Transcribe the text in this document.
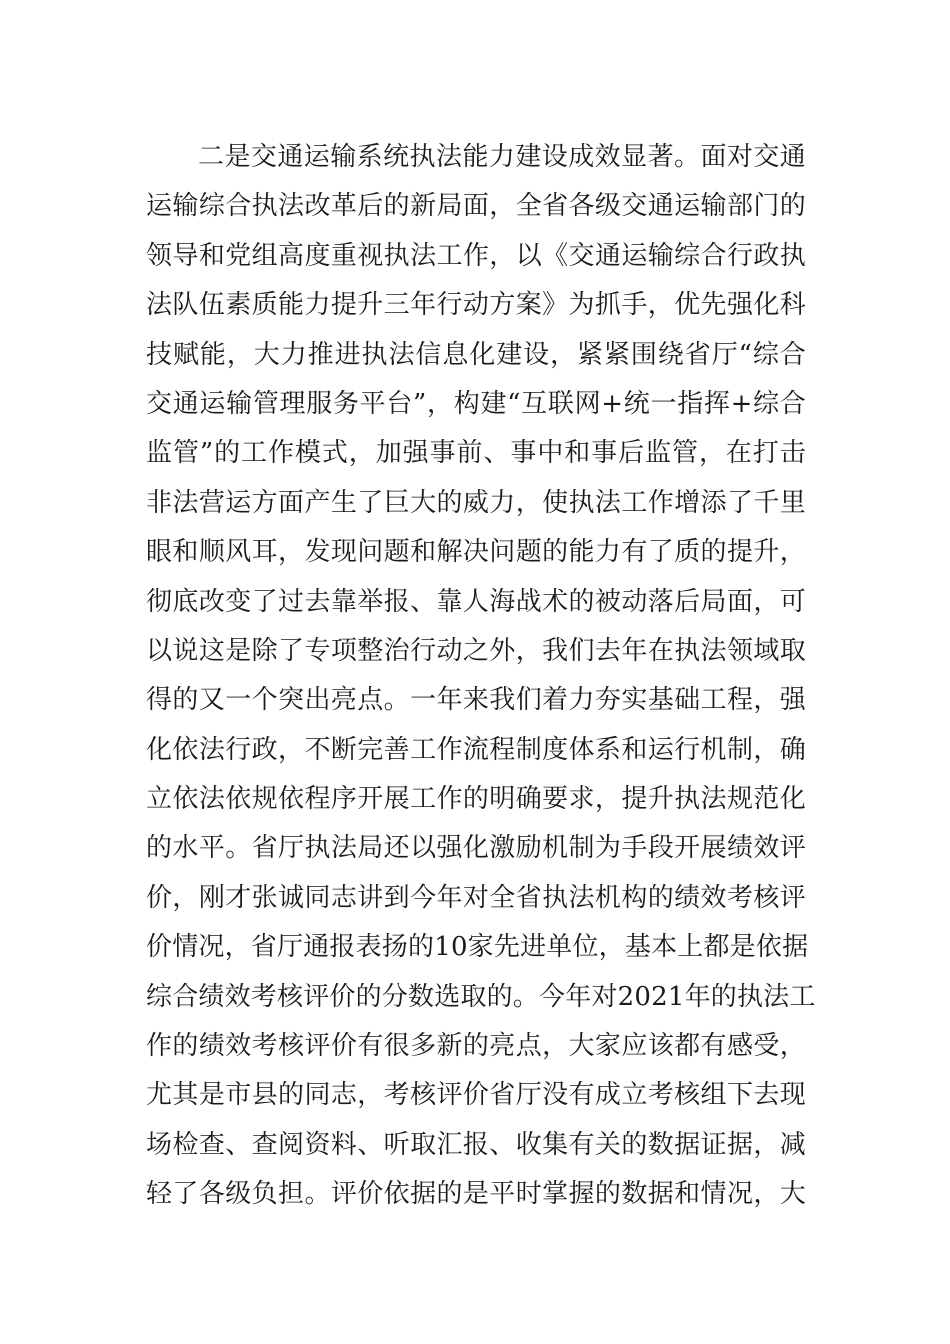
二是交通运输系统执法能力建设成效显著。面对交通
运输综合执法改革后的新局面，全省各级交通运输部门的
领导和党组高度重视执法工作，以《交通运输综合行政执
法队伍素质能力提升三年行动方案》为抓手，优先强化科
技赋能，大力推进执法信息化建设，紧紧围绕省厅“综合
交通运输管理服务平台”，构建“互联网+统一指挥+综合
监管”的工作模式，加强事前、事中和事后监管，在打击
非法营运方面产生了巨大的威力，使执法工作增添了千里
眼和顺风耳，发现问题和解决问题的能力有了质的提升，
彻底改变了过去靠举报、靠人海战术的被动落后局面，可
以说这是除了专项整治行动之外，我们去年在执法领域取
得的又一个突出亮点。一年来我们着力夯实基础工程，强
化依法行政，不断完善工作流程制度体系和运行机制，确
立依法依规依程序开展工作的明确要求，提升执法规范化
的水平。省厅执法局还以强化激励机制为手段开展绩效评
价，刚才张诚同志讲到今年对全省执法机构的绩效考核评
价情况，省厅通报表扬的10家先进单位，基本上都是依据
综合绩效考核评价的分数选取的。今年对2021年的执法工
作的绩效考核评价有很多新的亮点，大家应该都有感受，
尤其是市县的同志，考核评价省厅没有成立考核组下去现
场检查、查阅资料、听取汇报、收集有关的数据证据，减
轻了各级负担。评价依据的是平时掌握的数据和情况，大
